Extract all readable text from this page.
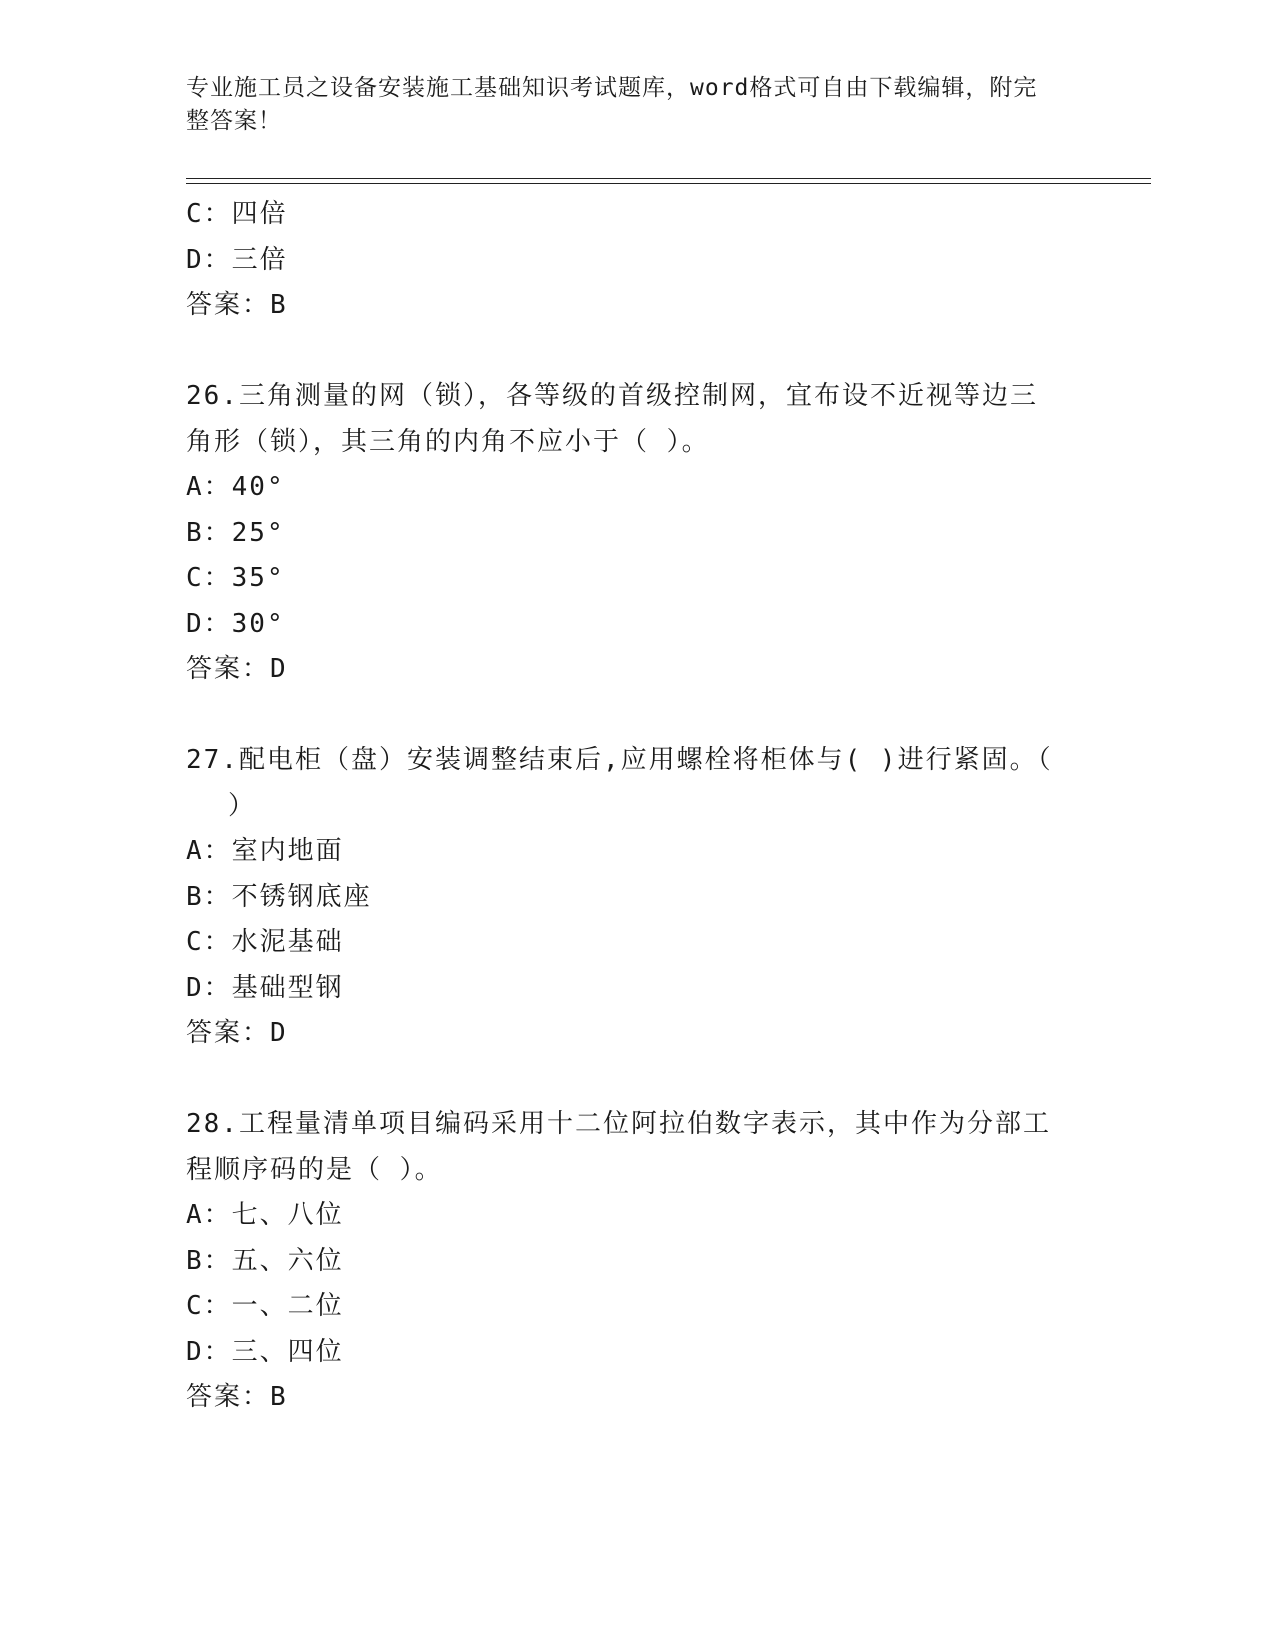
专业施工员之设备安装施工基础知识考试题库，word格式可自由下载编辑，附完
整答案！
C：四倍
D：三倍
答案：B
26.三角测量的网（锁），各等级的首级控制网，宜布设不近视等边三
角形（锁），其三角的内角不应小于（ ）。
A：40°
B：25°
C：35°
D：30°
答案：D
27.配电柜（盘）安装调整结束后,应用螺栓将柜体与( )进行紧固。（
）
A：室内地面
B：不锈钢底座
C：水泥基础
D：基础型钢
答案：D
28.工程量清单项目编码采用十二位阿拉伯数字表示，其中作为分部工
程顺序码的是（ ）。
A：七、八位
B：五、六位
C：一、二位
D：三、四位
答案：B
